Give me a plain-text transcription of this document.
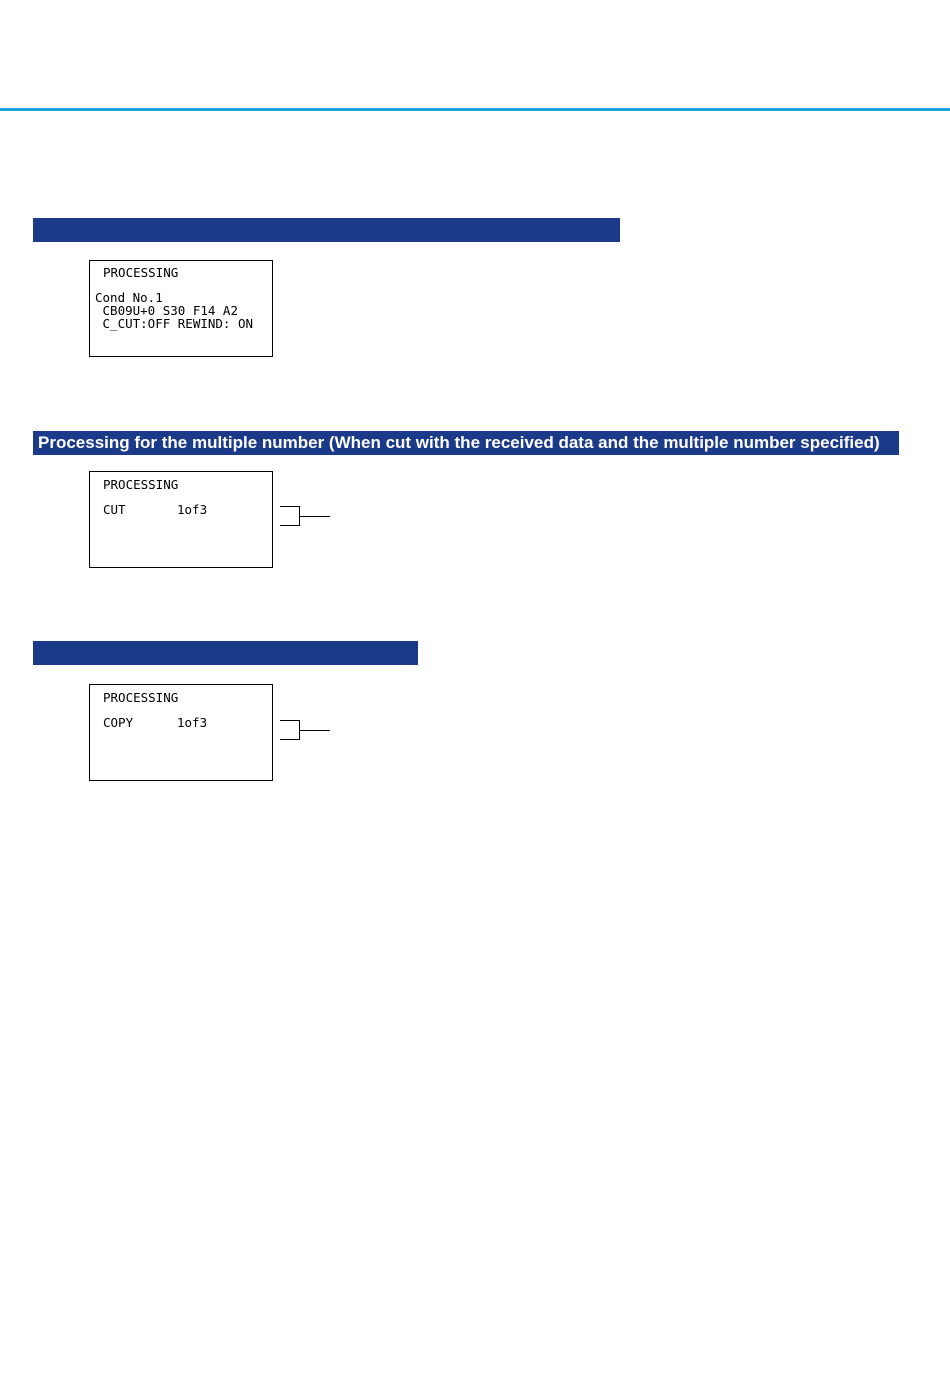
PROCESSING
Cond No.1
CB09U+0 S30 F14 A2
C_CUT:OFF REWIND: ON
Processing for the multiple number (When cut with the received data and the multiple number specified)
PROCESSING
CUT	1of3
PROCESSING
COPY	1of3
